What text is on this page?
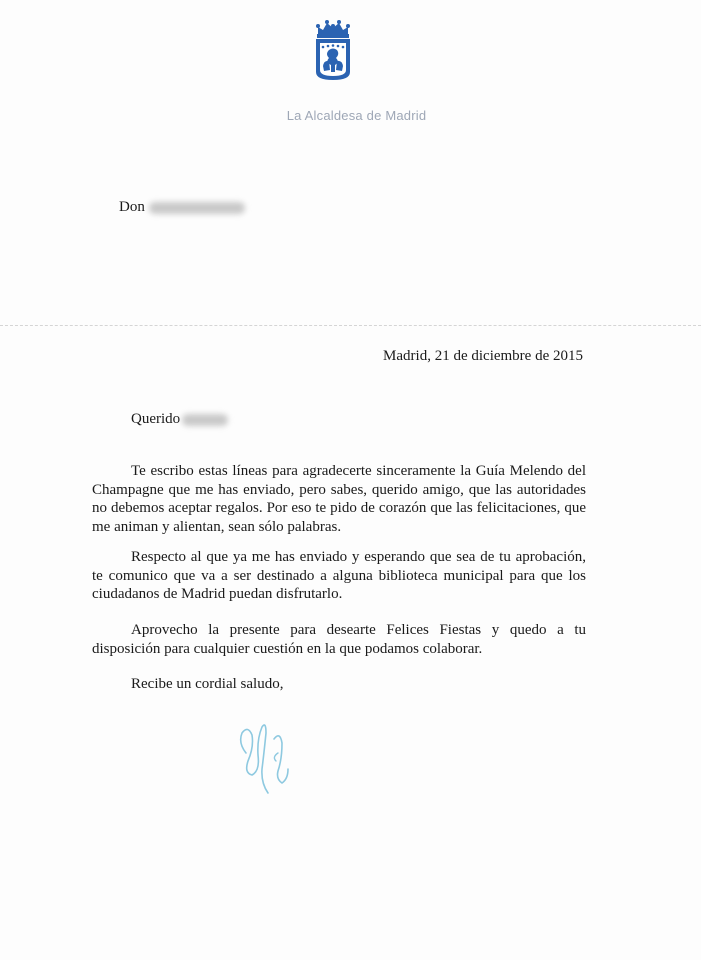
La Alcaldesa de Madrid
Don
Madrid, 21 de diciembre de 2015
Querido

Te escribo estas líneas para agradecerte sinceramente la Guía Melendo del Champagne que me has enviado, pero sabes, querido amigo, que las autoridades no debemos aceptar regalos. Por eso te pido de corazón que las felicitaciones, que me animan y alientan, sean sólo palabras.

Respecto al que ya me has enviado y esperando que sea de tu aprobación, te comunico que va a ser destinado a alguna biblioteca municipal para que los ciudadanos de Madrid puedan disfrutarlo.

Aprovecho la presente para desearte Felices Fiestas y quedo a tu disposición para cualquier cuestión en la que podamos colaborar.

Recibe un cordial saludo,
